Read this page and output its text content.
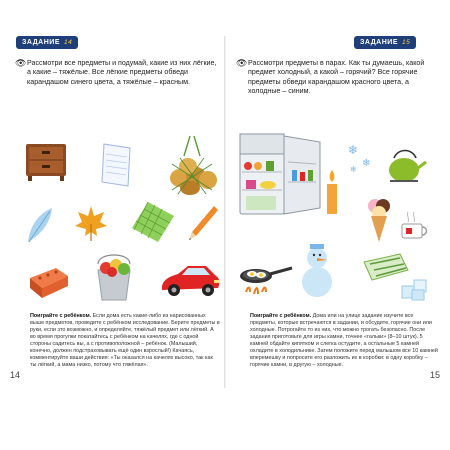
ЗАДАНИЕ 14	ЗАДАНИЕ 15
👁 Рассмотри все предметы и подумай, какие из них лёгкие, а какие – тяжёлые. Все лёгкие предметы обведи карандашом синего цвета, а тяжёлые – красным.
👁 Рассмотри предметы в парах. Как ты думаешь, какой предмет холодный, а какой – горячий? Все горячие предметы обведи карандашом красного цвета, а холодные – синим.
❄
❄
❄
Поиграйте с ребёнком. Если дома есть какие-либо из нарисованных выше предметов, проведите с ребёнком исследование. Берите предметы в руки, если это возможно, и определяйте, тяжёлый предмет или лёгкий. А во время прогулки покатайтесь с ребёнком на качелях, где с одной стороны садитесь вы, а с противоположной – ребёнок. (Малыший, конечно, должен подстраховывать ещё один взрослый!) Качаясь, комментируйте ваши действия: «Ты оказался на качелях высоко, так как ты лёгкий, а мама низко, потому что тяжёлая».
Поиграйте с ребёнком. Дома или на улице задание изучите все предметы, которые встречаются в задании, и обсудите, горячие они или холодные. Потрогайте то из них, что можно трогать безопасно. После задания приготовьте для игры камни, точнее «гальки» (8–10 штук). 5 камней обдайте кипятком и слегка остудите, а остальные 5 камней охладите в холодильнике. Затем положите перед малышом все 10 камней вперемешку и попросите его разложить их в коробки: в одну коробку – горячие камни, в другую – холодные.
14	15
